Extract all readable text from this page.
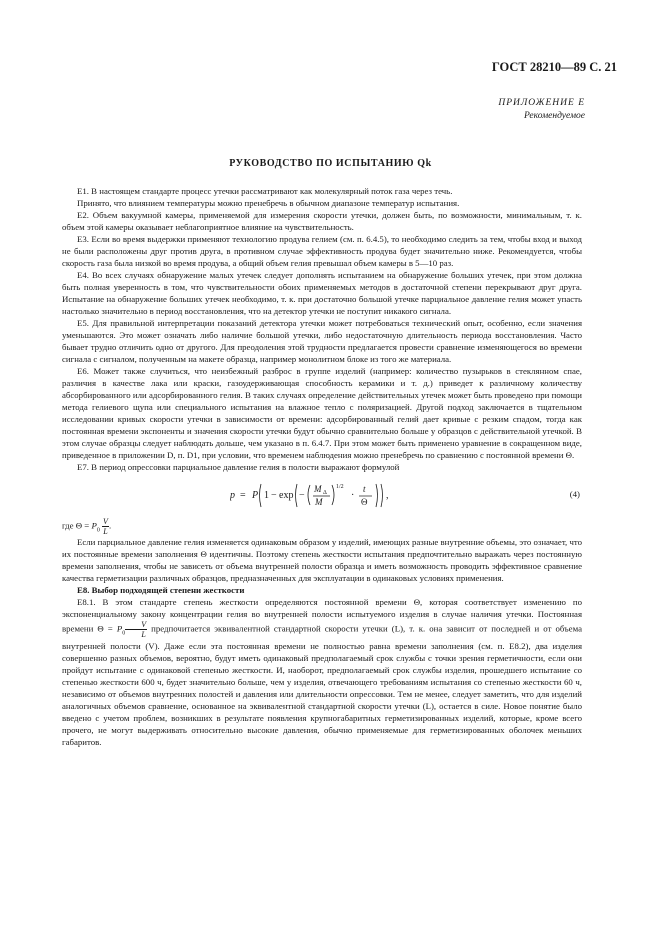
ГОСТ 28210—89 С. 21
ПРИЛОЖЕНИЕ Е
Рекомендуемое
РУКОВОДСТВО ПО ИСПЫТАНИЮ Qk

Е1. В настоящем стандарте процесс утечки рассматривают как молекулярный поток газа через течь.

Принято, что влиянием температуры можно пренебречь в обычном диапазоне температур испытания.

Е2. Объем вакуумной камеры, применяемой для измерения скорости утечки, должен быть, по возможности, минимальным, т. к. объем этой камеры оказывает неблагоприятное влияние на чувствительность.

Е3. Если во время выдержки применяют технологию продува гелием (см. п. 6.4.5), то необходимо следить за тем, чтобы вход и выход не были расположены друг против друга, в противном случае эффективность продува будет значительно ниже. Рекомендуется, чтобы скорость газа была низкой во время продува, а общий объем гелия превышал объем камеры в 5—10 раз.

Е4. Во всех случаях обнаружение малых утечек следует дополнять испытанием на обнаружение больших утечек, при этом должна быть полная уверенность в том, что чувствительности обоих применяемых методов в достаточной степени перекрывают друг друга. Испытание на обнаружение больших утечек необходимо, т. к. при достаточно большой утечке парциальное давление гелия может упасть настолько значительно в период восстановления, что на детектор утечки не поступит никакого сигнала.

Е5. Для правильной интерпретации показаний детектора утечки может потребоваться технический опыт, особенно, если значения уменьшаются. Это может означать либо наличие большой утечки, либо недостаточную длительность периода восстановления. Часто бывает трудно отличить одно от другого. Для преодоления этой трудности предлагается провести сравнение изменяющегося во времени сигнала с сигналом, полученным на макете образца, например монолитном блоке из того же материала.

Е6. Может также случиться, что неизбежный разброс в группе изделий (например: количество пузырьков в стеклянном спае, различия в качестве лака или краски, газоудерживающая способность керамики и т. д.) приведет к различному количеству абсорбированного или адсорбированного гелия. В таких случаях определение действительных утечек может быть проведено при помощи метода гелиевого щупа или специального испытания на влажное тепло с поляризацией. Другой подход заключается в тщательном исследовании кривых скорости утечки в зависимости от времени: адсорбированный гелий дает кривые с резким спадом, тогда как постоянная времени экспоненты и значения скорости утечки будут обычно сравнительно больше у образцов с действительной утечкой. В этом случае образцы следует наблюдать дольше, чем указано в п. 6.4.7. При этом может быть применено уравнение в сокращенном виде, приведенное в приложении D, п. D1, при условии, что временем наблюдения можно пренебречь по сравнению с постоянной времени Θ.

Е7. В период опрессовки парциальное давление гелия в полости выражают формулой

p = P 1 − exp −
M Δ
M
1/2
·
t
Θ
,	(4)

где $\Theta = P_0 \frac{V}{L}$ .

Если парциальное давление гелия изменяется одинаковым образом у изделий, имеющих разные внутренние объемы, это означает, что их постоянные времени заполнения Θ идентичны. Поэтому степень жесткости испытания предпочтительно выражать через постоянную времени заполнения, чтобы не зависеть от объема внутренней полости образца и иметь возможность проводить эффективное сравнение качества герметизации различных образцов, предназначенных для эксплуатации в одинаковых условиях применения.

Е8. Выбор подходящей степени жесткости

Е8.1. В этом стандарте степень жесткости определяются постоянной времени Θ, которая соответствует изменению по экспоненциальному закону концентрации гелия во внутренней полости испытуемого изделия в случае наличия утечки. Постоянная времени $\Theta = P_0 \frac{V}{L}$ предпочитается эквивалентной стандартной скорости утечки (L), т. к. она зависит от последней и от объема внутренней полости (V). Даже если эта постоянная времени не полностью равна времени заполнения (см. п. Е8.2), два изделия совершенно разных объемов, вероятно, будут иметь одинаковый предполагаемый срок службы с точки зрения герметичности, если они пройдут испытание с одинаковой степенью жесткости. И, наоборот, предполагаемый срок службы изделия, прошедшего испытание со степенью жесткости 600 ч, будет значительно больше, чем у изделия, отвечающего требованиям испытания со степенью жесткости 60 ч, независимо от объемов внутренних полостей и давления или длительности опрессовки. Тем не менее, следует заметить, что для изделий аналогичных объемов сравнение, основанное на эквивалентной стандартной скорости утечки (L), остается в силе. Новое понятие было введено с учетом проблем, возникших в результате появления крупногабаритных герметизированных изделий, которые, кроме всего прочего, не могут выдерживать относительно высокие давления, обычно применяемые для герметизированных оболочек меньших габаритов.
